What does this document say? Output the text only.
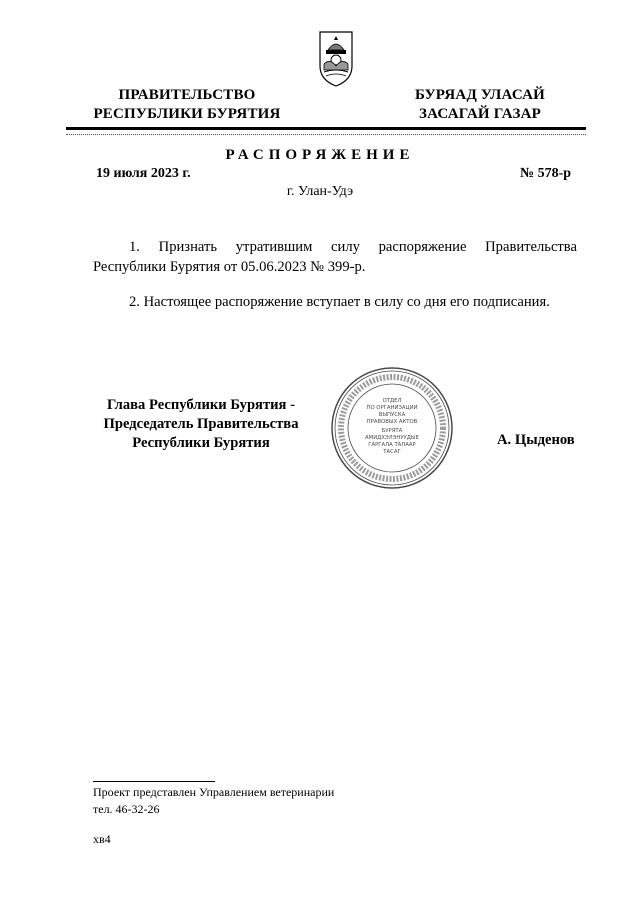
ПРАВИТЕЛЬСТВО
РЕСПУБЛИКИ БУРЯТИЯ
БУРЯАД УЛАСАЙ
ЗАСАГАЙ ГАЗАР
РАСПОРЯЖЕНИЕ
19 июля 2023 г.	№ 578-р
г. Улан-Удэ
1. Признать утратившим силу распоряжение Правительства Республики Бурятия от 05.06.2023 № 399-р.
2. Настоящее распоряжение вступает в силу со дня его подписания.
Глава Республики Бурятия -
Председатель Правительства
Республики Бурятия
ОТДЕЛ
ПО ОРГАНИЗАЦИИ
ВЫПУСКА
ПРАВОВЫХ АКТОВ
БУРЯТА
АМИДХЭЛЭНУУДЫЕ
ГАРГАЛА ТАЛААР
ТАСАГ
А. Цыденов
Проект представлен Управлением ветеринарии
тел. 46-32-26
хв4
